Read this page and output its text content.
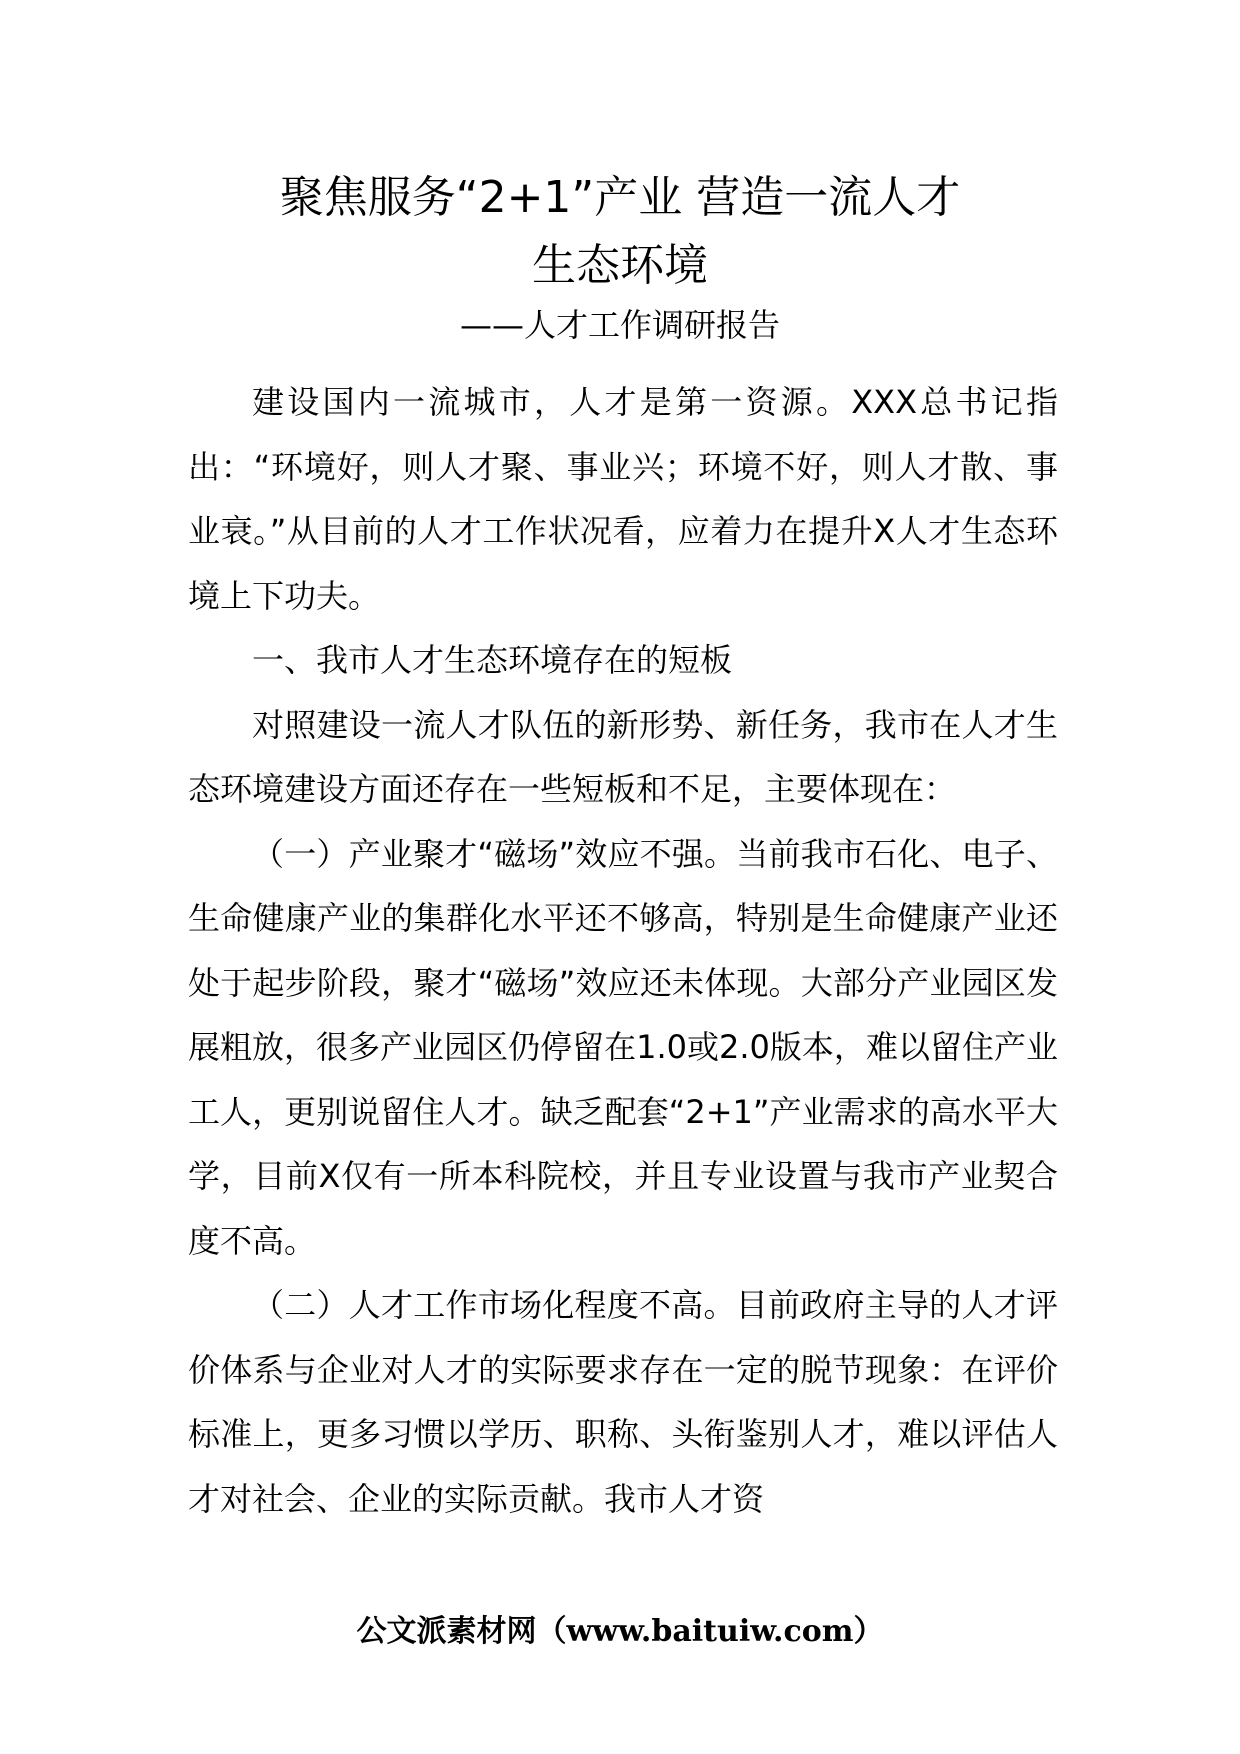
聚焦服务“2+1”产业 营造一流人才
生态环境
——人才工作调研报告

建设国内一流城市，人才是第一资源。XXX总书记指出：“环境好，则人才聚、事业兴；环境不好，则人才散、事业衰。”从目前的人才工作状况看，应着力在提升X人才生态环境上下功夫。

一、我市人才生态环境存在的短板

对照建设一流人才队伍的新形势、新任务，我市在人才生态环境建设方面还存在一些短板和不足，主要体现在：

（一）产业聚才“磁场”效应不强。当前我市石化、电子、生命健康产业的集群化水平还不够高，特别是生命健康产业还处于起步阶段，聚才“磁场”效应还未体现。大部分产业园区发展粗放，很多产业园区仍停留在1.0或2.0版本，难以留住产业工人，更别说留住人才。缺乏配套“2+1”产业需求的高水平大学，目前X仅有一所本科院校，并且专业设置与我市产业契合度不高。

（二）人才工作市场化程度不高。目前政府主导的人才评价体系与企业对人才的实际要求存在一定的脱节现象：在评价标准上，更多习惯以学历、职称、头衔鉴别人才，难以评估人才对社会、企业的实际贡献。我市人才资

公文派素材网（www.baituiw.com）
